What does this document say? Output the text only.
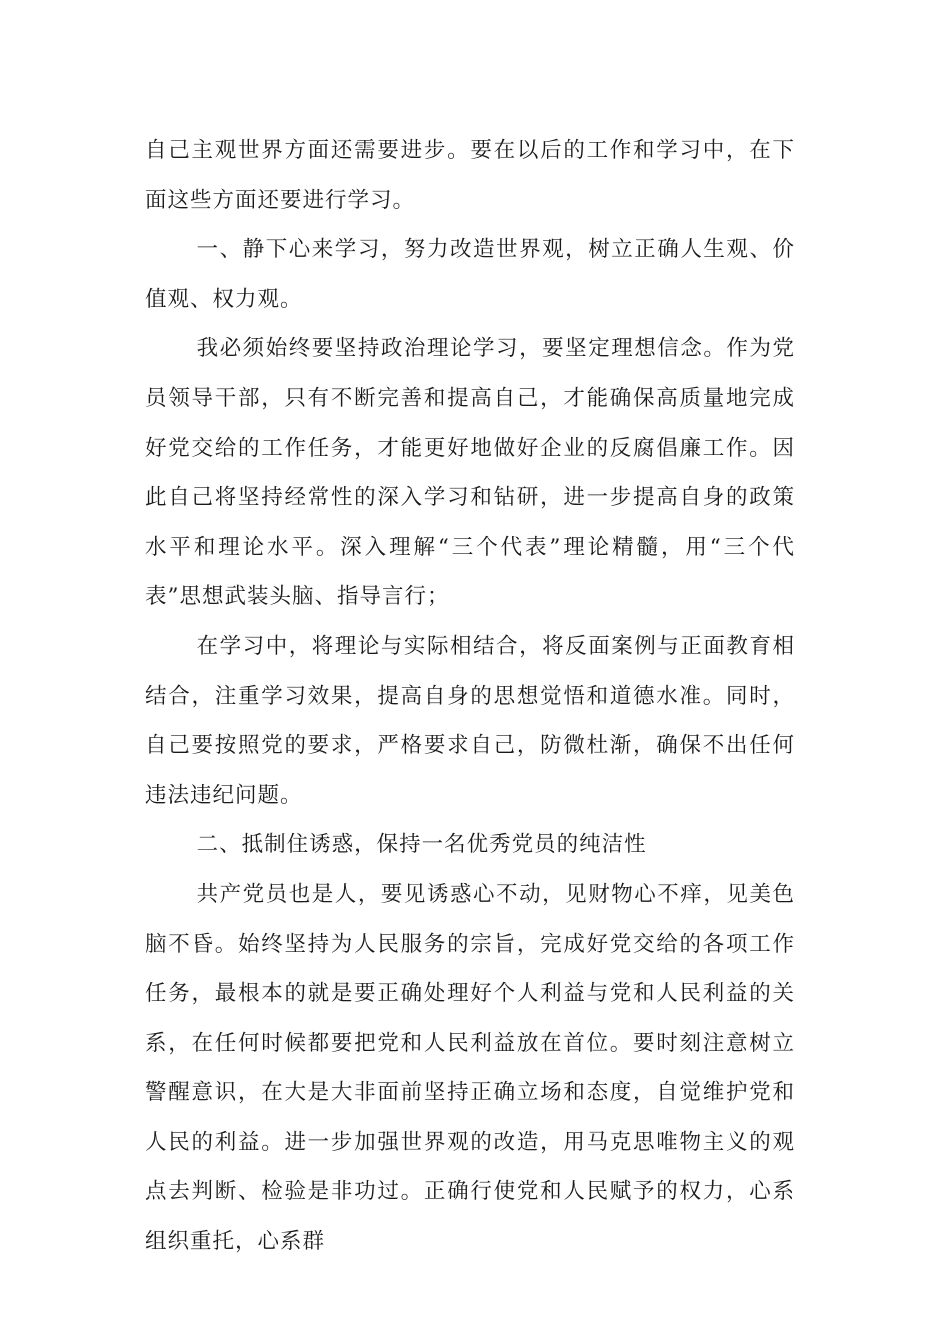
自己主观世界方面还需要进步。要在以后的工作和学习中，在下面这些方面还要进行学习。

一、静下心来学习，努力改造世界观，树立正确人生观、价值观、权力观。

我必须始终要坚持政治理论学习，要坚定理想信念。作为党员领导干部，只有不断完善和提高自己，才能确保高质量地完成好党交给的工作任务，才能更好地做好企业的反腐倡廉工作。因此自己将坚持经常性的深入学习和钻研，进一步提高自身的政策水平和理论水平。深入理解“三个代表”理论精髓，用“三个代表”思想武装头脑、指导言行；

在学习中，将理论与实际相结合，将反面案例与正面教育相结合，注重学习效果，提高自身的思想觉悟和道德水准。同时，自己要按照党的要求，严格要求自己，防微杜渐，确保不出任何违法违纪问题。

二、抵制住诱惑，保持一名优秀党员的纯洁性

共产党员也是人，要见诱惑心不动，见财物心不痒，见美色脑不昏。始终坚持为人民服务的宗旨，完成好党交给的各项工作任务，最根本的就是要正确处理好个人利益与党和人民利益的关系，在任何时候都要把党和人民利益放在首位。要时刻注意树立警醒意识，在大是大非面前坚持正确立场和态度，自觉维护党和人民的利益。进一步加强世界观的改造，用马克思唯物主义的观点去判断、检验是非功过。正确行使党和人民赋予的权力，心系组织重托，心系群
